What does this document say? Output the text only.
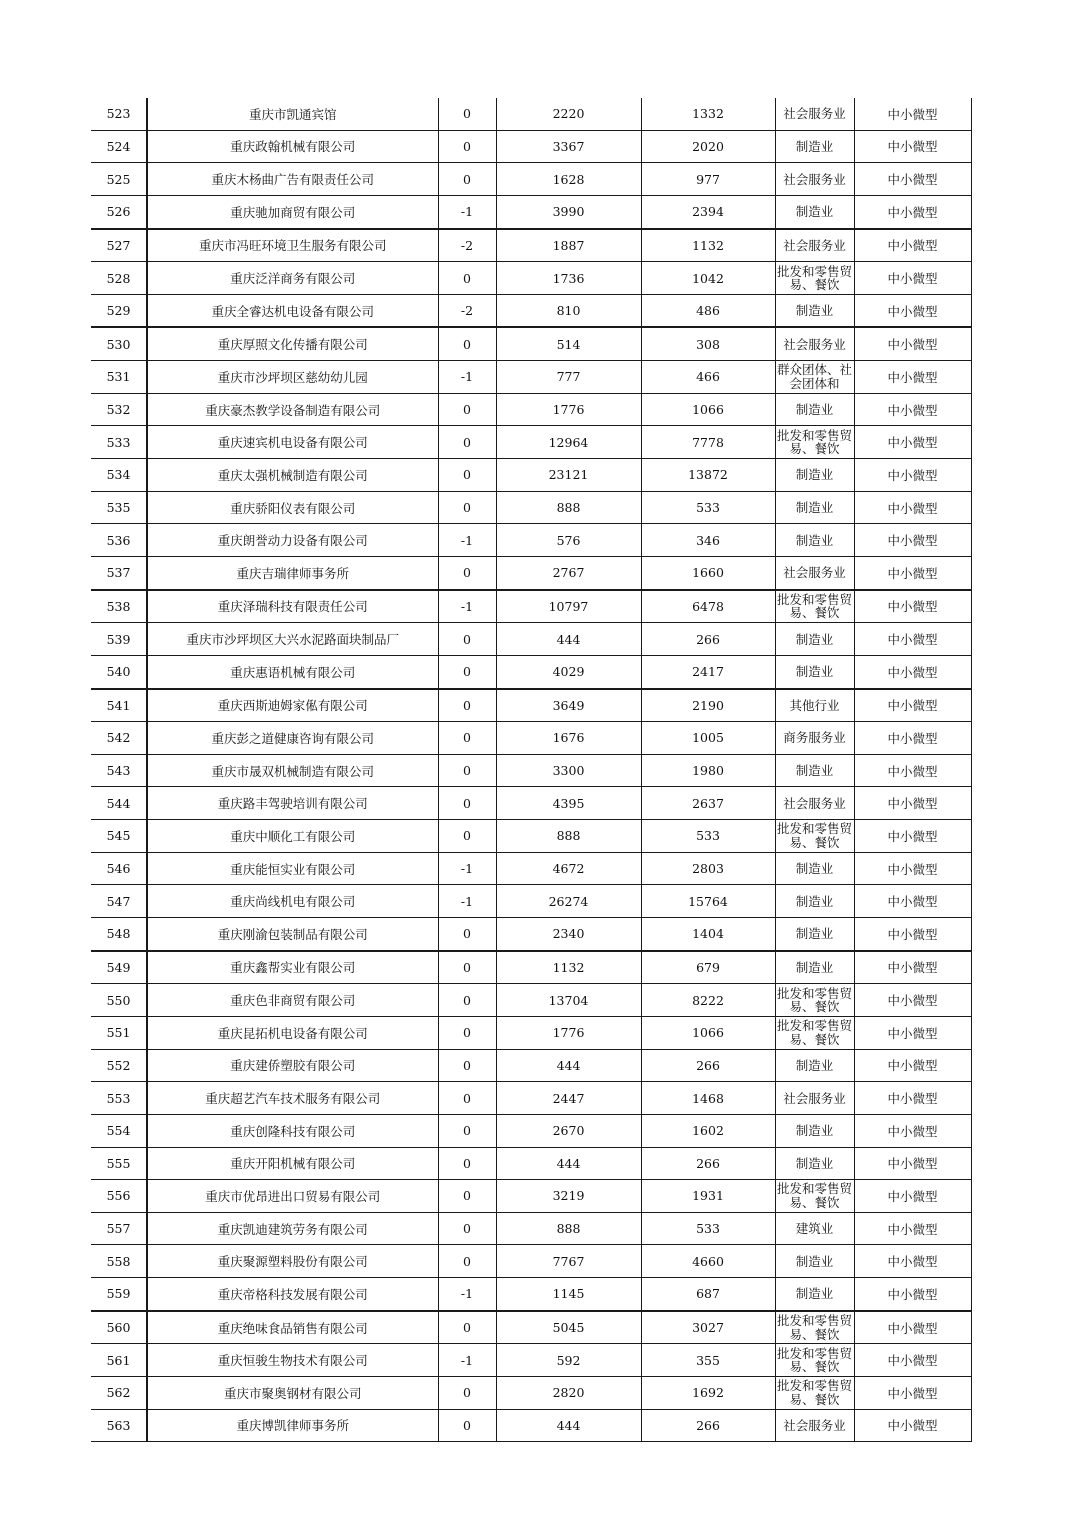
523	重庆市凯通宾馆	0	2220	1332	社会服务业	中小微型
524	重庆政翰机械有限公司	0	3367	2020	制造业	中小微型
525	重庆木杨曲广告有限责任公司	0	1628	977	社会服务业	中小微型
526	重庆驰加商贸有限公司	-1	3990	2394	制造业	中小微型
527	重庆市冯旺环境卫生服务有限公司	-2	1887	1132	社会服务业	中小微型
528	重庆泛洋商务有限公司	0	1736	1042	批发和零售贸易、餐饮	中小微型
529	重庆全睿达机电设备有限公司	-2	810	486	制造业	中小微型
530	重庆厚照文化传播有限公司	0	514	308	社会服务业	中小微型
531	重庆市沙坪坝区慈幼幼儿园	-1	777	466	群众团体、社会团体和	中小微型
532	重庆豪杰教学设备制造有限公司	0	1776	1066	制造业	中小微型
533	重庆速宾机电设备有限公司	0	12964	7778	批发和零售贸易、餐饮	中小微型
534	重庆太强机械制造有限公司	0	23121	13872	制造业	中小微型
535	重庆骄阳仪表有限公司	0	888	533	制造业	中小微型
536	重庆朗誉动力设备有限公司	-1	576	346	制造业	中小微型
537	重庆吉瑞律师事务所	0	2767	1660	社会服务业	中小微型
538	重庆泽瑞科技有限责任公司	-1	10797	6478	批发和零售贸易、餐饮	中小微型
539	重庆市沙坪坝区大兴水泥路面块制品厂	0	444	266	制造业	中小微型
540	重庆惠语机械有限公司	0	4029	2417	制造业	中小微型
541	重庆西斯迪姆家俬有限公司	0	3649	2190	其他行业	中小微型
542	重庆彭之道健康咨询有限公司	0	1676	1005	商务服务业	中小微型
543	重庆市晟双机械制造有限公司	0	3300	1980	制造业	中小微型
544	重庆路丰驾驶培训有限公司	0	4395	2637	社会服务业	中小微型
545	重庆中顺化工有限公司	0	888	533	批发和零售贸易、餐饮	中小微型
546	重庆能恒实业有限公司	-1	4672	2803	制造业	中小微型
547	重庆尚线机电有限公司	-1	26274	15764	制造业	中小微型
548	重庆刚渝包装制品有限公司	0	2340	1404	制造业	中小微型
549	重庆鑫帮实业有限公司	0	1132	679	制造业	中小微型
550	重庆色非商贸有限公司	0	13704	8222	批发和零售贸易、餐饮	中小微型
551	重庆昆拓机电设备有限公司	0	1776	1066	批发和零售贸易、餐饮	中小微型
552	重庆建侨塑胶有限公司	0	444	266	制造业	中小微型
553	重庆超艺汽车技术服务有限公司	0	2447	1468	社会服务业	中小微型
554	重庆创隆科技有限公司	0	2670	1602	制造业	中小微型
555	重庆开阳机械有限公司	0	444	266	制造业	中小微型
556	重庆市优昂进出口贸易有限公司	0	3219	1931	批发和零售贸易、餐饮	中小微型
557	重庆凯迪建筑劳务有限公司	0	888	533	建筑业	中小微型
558	重庆聚源塑料股份有限公司	0	7767	4660	制造业	中小微型
559	重庆帝格科技发展有限公司	-1	1145	687	制造业	中小微型
560	重庆绝味食品销售有限公司	0	5045	3027	批发和零售贸易、餐饮	中小微型
561	重庆恒骏生物技术有限公司	-1	592	355	批发和零售贸易、餐饮	中小微型
562	重庆市聚奥钢材有限公司	0	2820	1692	批发和零售贸易、餐饮	中小微型
563	重庆博凯律师事务所	0	444	266	社会服务业	中小微型
